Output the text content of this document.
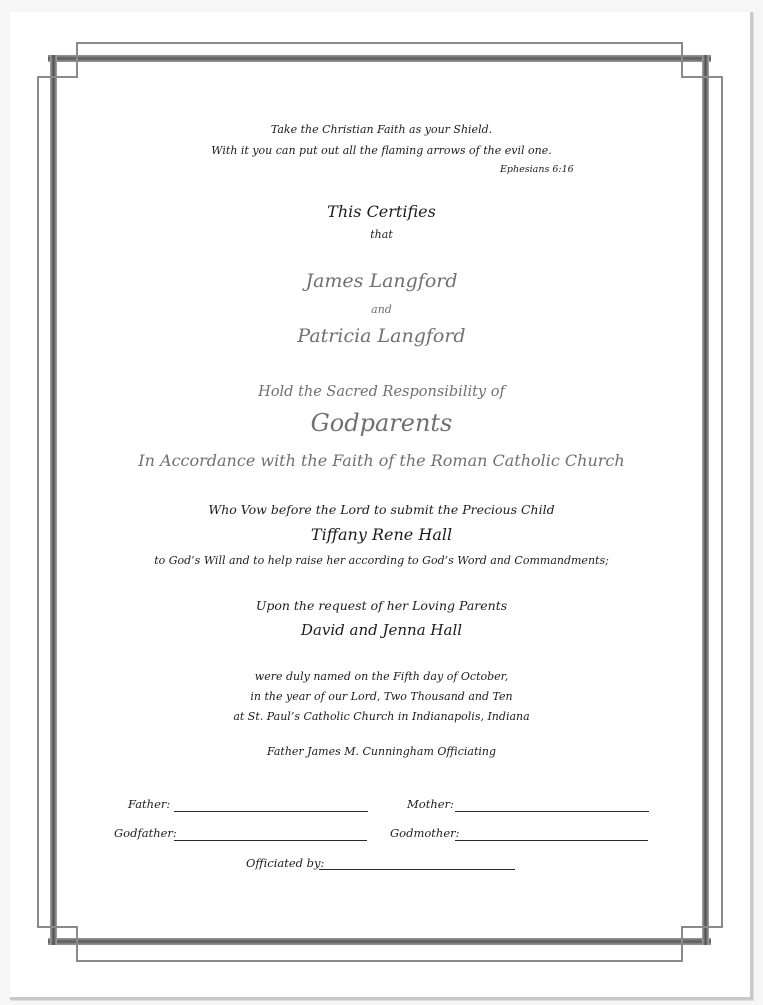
Take the Christian Faith as your Shield.
With it you can put out all the flaming arrows of the evil one.
Ephesians 6:16
This Certifies
that
James Langford
and
Patricia Langford
Hold the Sacred Responsibility of
Godparents
In Accordance with the Faith of the Roman Catholic Church
Who Vow before the Lord to submit the Precious Child
Tiffany Rene Hall
to God’s Will and to help raise her according to God’s Word and Commandments;
Upon the request of her Loving Parents
David and Jenna Hall
were duly named on the Fifth day of October,
in the year of our Lord, Two Thousand and Ten
at St. Paul’s Catholic Church in Indianapolis, Indiana
Father James M. Cunningham Officiating
Father:	Mother:
Godfather:	Godmother:
Officiated by:
